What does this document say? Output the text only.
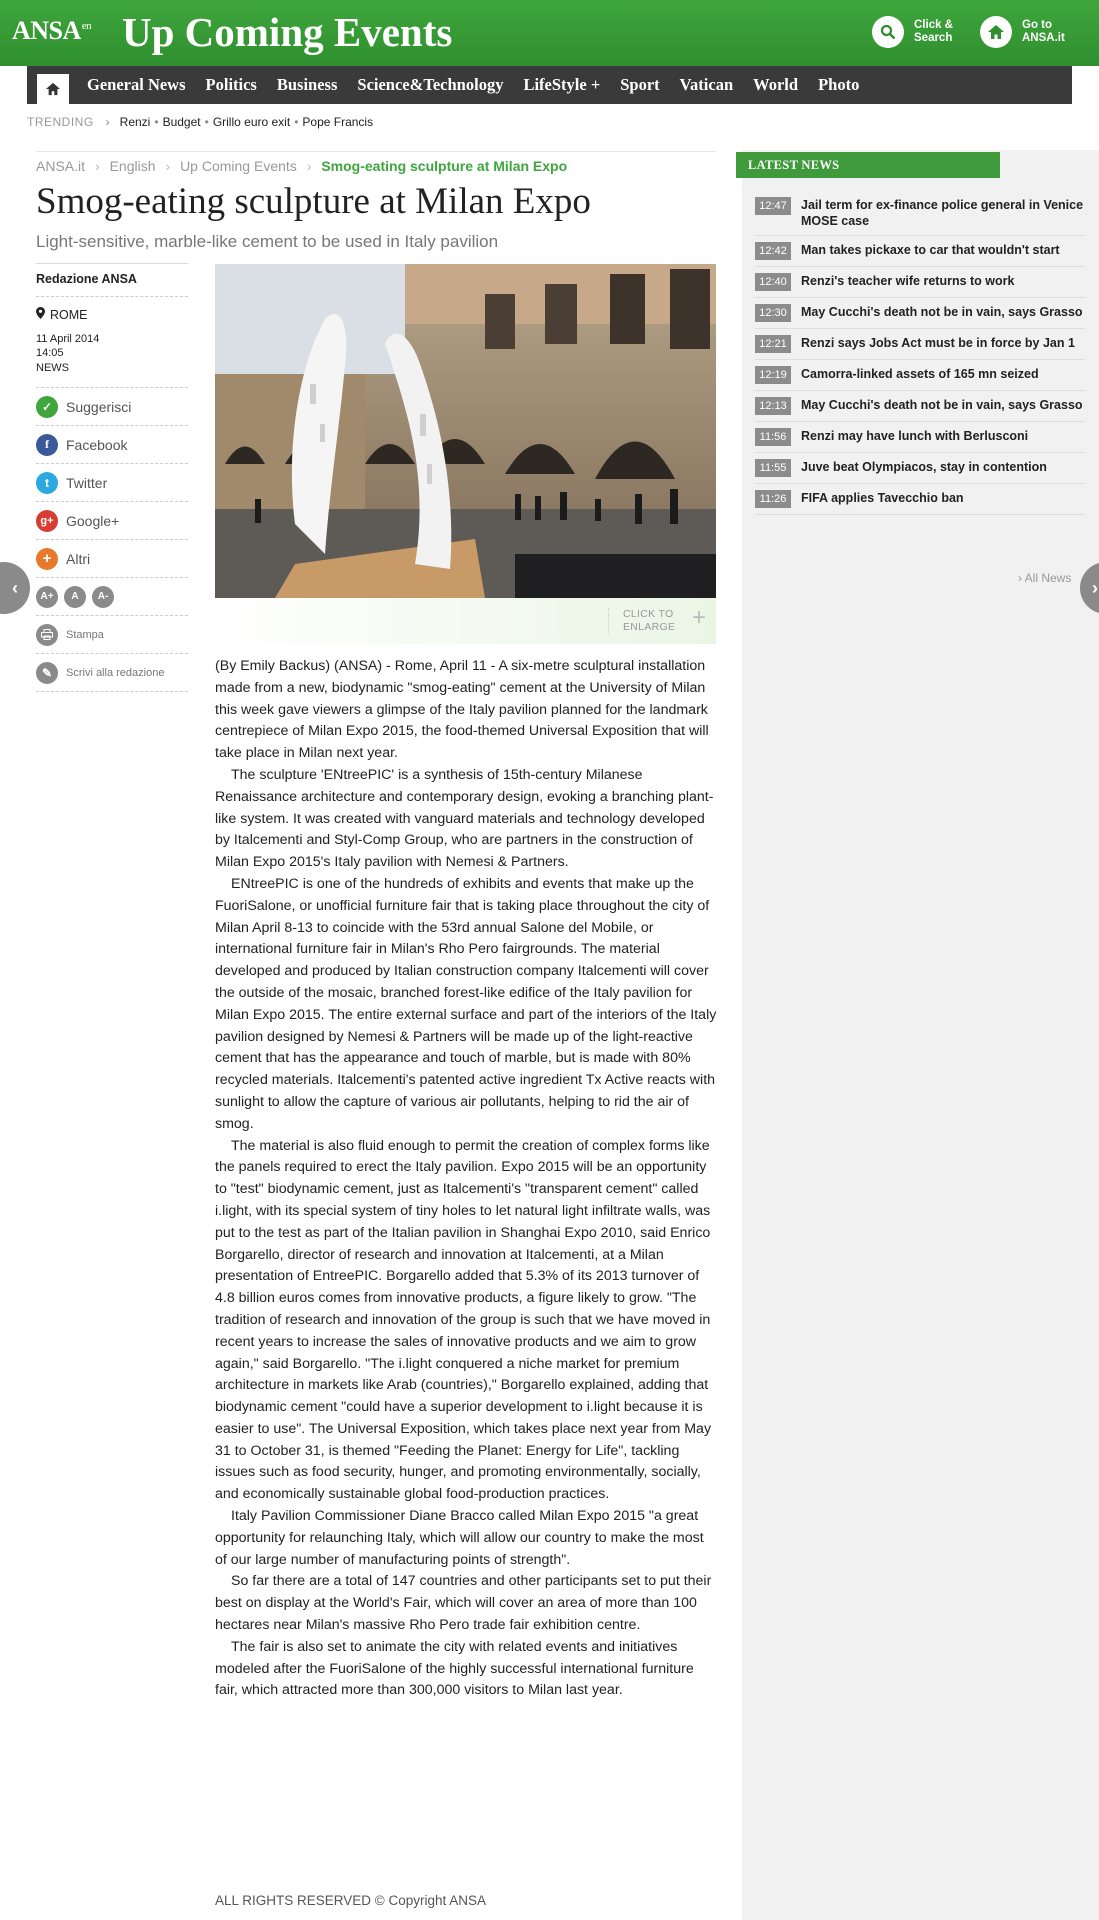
$ANSA^{en}$ Up Coming Events	Click &
Search
Go to
ANSA.it
General News	Politics	Business	Science&Technology	LifeStyle +	Sport	Vatican	World	Photo
TRENDING › Renzi • Budget • Grillo euro exit • Pope Francis
ANSA.it › English › Up Coming Events › Smog-eating sculpture at Milan Expo
Smog-eating sculpture at Milan Expo
Light-sensitive, marble-like cement to be used in Italy pavilion
Redazione ANSA
ROME
11 April 2014
14:05
NEWS
✓ Suggerisci
f	Facebook
t	Twitter
g+ Google+
+	Altri
A+	A	A-
Stampa
✎	Scrivi alla redazione
CLICK TO
ENLARGE +

(By Emily Backus) (ANSA) - Rome, April 11 - A six-metre sculptural installation made from a new, biodynamic "smog-eating" cement at the University of Milan this week gave viewers a glimpse of the Italy pavilion planned for the landmark centrepiece of Milan Expo 2015, the food-themed Universal Exposition that will take place in Milan next year.

The sculpture 'ENtreePIC' is a synthesis of 15th-century Milanese Renaissance architecture and contemporary design, evoking a branching plant-like system. It was created with vanguard materials and technology developed by Italcementi and Styl-Comp Group, who are partners in the construction of Milan Expo 2015's Italy pavilion with Nemesi & Partners.

ENtreePIC is one of the hundreds of exhibits and events that make up the FuoriSalone, or unofficial furniture fair that is taking place throughout the city of Milan April 8-13 to coincide with the 53rd annual Salone del Mobile, or international furniture fair in Milan's Rho Pero fairgrounds. The material developed and produced by Italian construction company Italcementi will cover the outside of the mosaic, branched forest-like edifice of the Italy pavilion for Milan Expo 2015. The entire external surface and part of the interiors of the Italy pavilion designed by Nemesi & Partners will be made up of the light-reactive cement that has the appearance and touch of marble, but is made with 80% recycled materials. Italcementi's patented active ingredient Tx Active reacts with sunlight to allow the capture of various air pollutants, helping to rid the air of smog.

The material is also fluid enough to permit the creation of complex forms like the panels required to erect the Italy pavilion. Expo 2015 will be an opportunity to "test" biodynamic cement, just as Italcementi's "transparent cement" called i.light, with its special system of tiny holes to let natural light infiltrate walls, was put to the test as part of the Italian pavilion in Shanghai Expo 2010, said Enrico Borgarello, director of research and innovation at Italcementi, at a Milan presentation of EntreePIC. Borgarello added that 5.3% of its 2013 turnover of 4.8 billion euros comes from innovative products, a figure likely to grow. "The tradition of research and innovation of the group is such that we have moved in recent years to increase the sales of innovative products and we aim to grow again," said Borgarello. "The i.light conquered a niche market for premium architecture in markets like Arab (countries)," Borgarello explained, adding that biodynamic cement "could have a superior development to i.light because it is easier to use". The Universal Exposition, which takes place next year from May 31 to October 31, is themed "Feeding the Planet: Energy for Life", tackling issues such as food security, hunger, and promoting environmentally, socially, and economically sustainable global food-production practices.

Italy Pavilion Commissioner Diane Bracco called Milan Expo 2015 "a great opportunity for relaunching Italy, which will allow our country to make the most of our large number of manufacturing points of strength".

So far there are a total of 147 countries and other participants set to put their best on display at the World's Fair, which will cover an area of more than 100 hectares near Milan's massive Rho Pero trade fair exhibition centre.

The fair is also set to animate the city with related events and initiatives modeled after the FuoriSalone of the highly successful international furniture fair, which attracted more than 300,000 visitors to Milan last year.

ALL RIGHTS RESERVED © Copyright ANSA
LATEST NEWS
12:47	Jail term for ex-finance police general in Venice MOSE case
12:42	Man takes pickaxe to car that wouldn't start
12:40	Renzi's teacher wife returns to work
12:30	May Cucchi's death not be in vain, says Grasso
12:21	Renzi says Jobs Act must be in force by Jan 1
12:19	Camorra-linked assets of 165 mn seized
12:13	May Cucchi's death not be in vain, says Grasso
11:56	Renzi may have lunch with Berlusconi
11:55	Juve beat Olympiacos, stay in contention
11:26	FIFA applies Tavecchio ban
› All News
‹	›
